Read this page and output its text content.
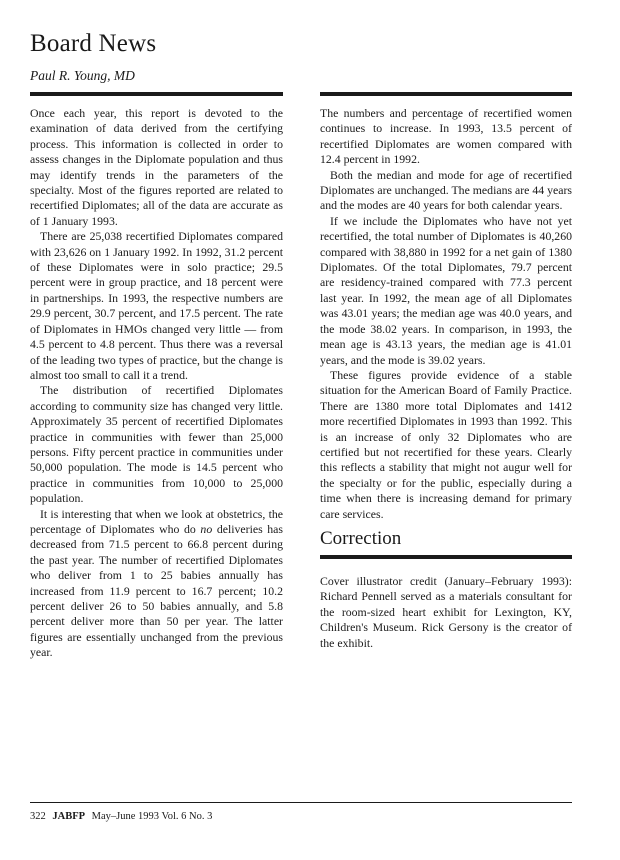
Board News

Paul R. Young, MD

Once each year, this report is devoted to the examination of data derived from the certifying process. This information is collected in order to assess changes in the Diplomate population and thus may identify trends in the parameters of the specialty. Most of the figures reported are related to recertified Diplomates; all of the data are accurate as of 1 January 1993.

There are 25,038 recertified Diplomates compared with 23,626 on 1 January 1992. In 1992, 31.2 percent of these Diplomates were in solo practice; 29.5 percent were in group practice, and 18 percent were in partnerships. In 1993, the respective numbers are 29.9 percent, 30.7 percent, and 17.5 percent. The rate of Diplomates in HMOs changed very little — from 4.5 percent to 4.8 percent. Thus there was a reversal of the leading two types of practice, but the change is almost too small to call it a trend.

The distribution of recertified Diplomates according to community size has changed very little. Approximately 35 percent of recertified Diplomates practice in communities with fewer than 25,000 persons. Fifty percent practice in communities under 50,000 population. The mode is 14.5 percent who practice in communities from 10,000 to 25,000 population.

It is interesting that when we look at obstetrics, the percentage of Diplomates who do no deliveries has decreased from 71.5 percent to 66.8 percent during the past year. The number of recertified Diplomates who deliver from 1 to 25 babies annually has increased from 11.9 percent to 16.7 percent; 10.2 percent deliver 26 to 50 babies annually, and 5.8 percent deliver more than 50 per year. The latter figures are essentially unchanged from the previous year.

The numbers and percentage of recertified women continues to increase. In 1993, 13.5 percent of recertified Diplomates are women compared with 12.4 percent in 1992.

Both the median and mode for age of recertified Diplomates are unchanged. The medians are 44 years and the modes are 40 years for both calendar years.

If we include the Diplomates who have not yet recertified, the total number of Diplomates is 40,260 compared with 38,880 in 1992 for a net gain of 1380 Diplomates. Of the total Diplomates, 79.7 percent are residency-trained compared with 77.3 percent last year. In 1992, the mean age of all Diplomates was 43.01 years; the median age was 40.0 years, and the mode 38.02 years. In comparison, in 1993, the mean age is 43.13 years, the median age is 41.01 years, and the mode is 39.02 years.

These figures provide evidence of a stable situation for the American Board of Family Practice. There are 1380 more total Diplomates and 1412 more recertified Diplomates in 1993 than 1992. This is an increase of only 32 Diplomates who are certified but not recertified for these years. Clearly this reflects a stability that might not augur well for the specialty or for the public, especially during a time when there is increasing demand for primary care services.

Correction

Cover illustrator credit (January–February 1993): Richard Pennell served as a materials consultant for the room-sized heart exhibit for Lexington, KY, Children's Museum. Rick Gersony is the creator of the exhibit.

322 JABFP May–June 1993 Vol. 6 No. 3
